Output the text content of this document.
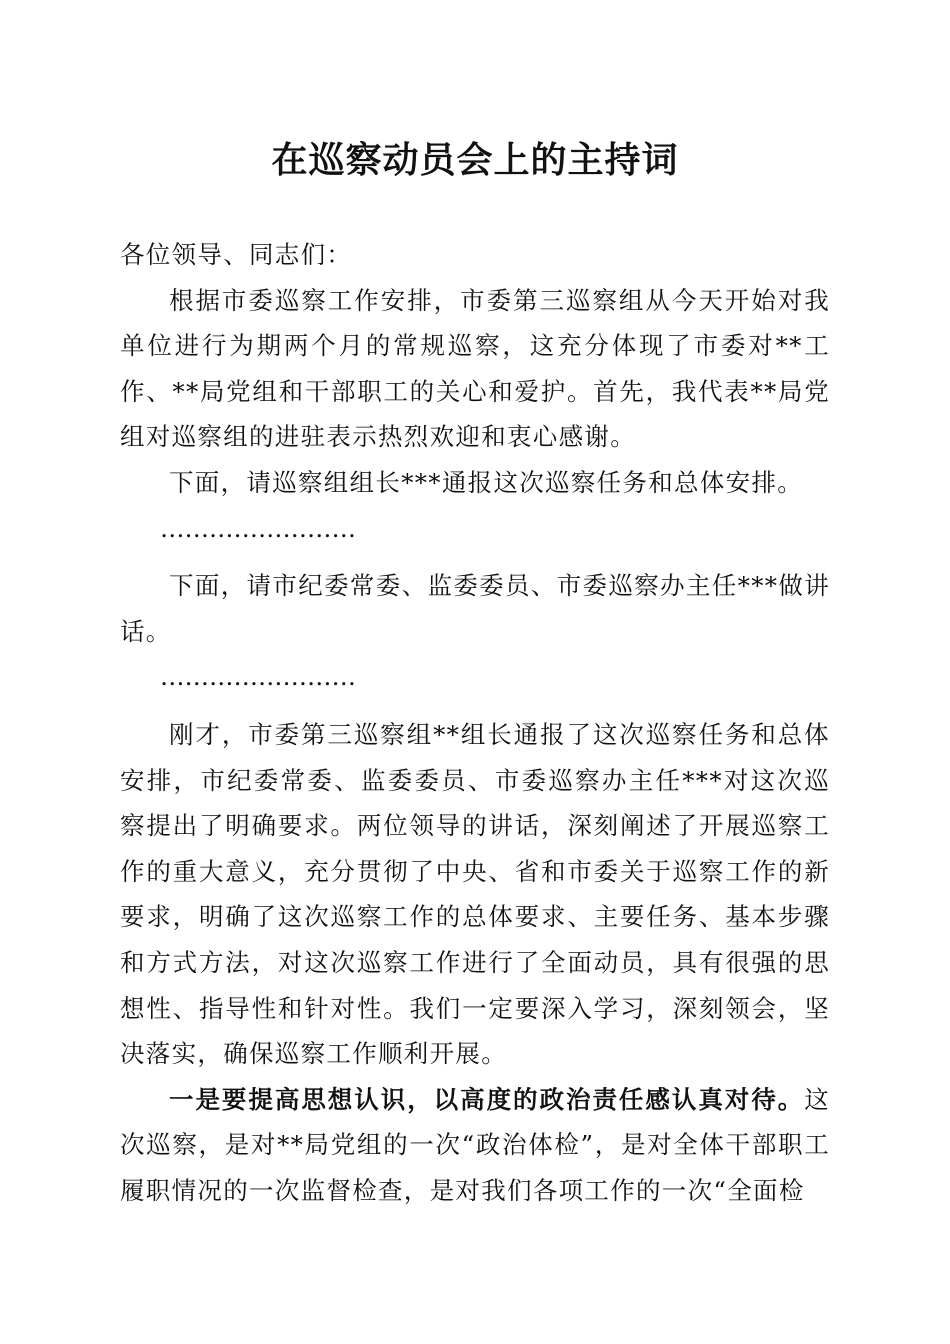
在巡察动员会上的主持词

各位领导、同志们：

根据市委巡察工作安排，市委第三巡察组从今天开始对我单位进行为期两个月的常规巡察，这充分体现了市委对**工作、**局党组和干部职工的关心和爱护。首先，我代表**局党组对巡察组的进驻表示热烈欢迎和衷心感谢。

下面，请巡察组组长***通报这次巡察任务和总体安排。

……………………

下面，请市纪委常委、监委委员、市委巡察办主任***做讲话。

……………………

刚才，市委第三巡察组**组长通报了这次巡察任务和总体安排，市纪委常委、监委委员、市委巡察办主任***对这次巡察提出了明确要求。两位领导的讲话，深刻阐述了开展巡察工作的重大意义，充分贯彻了中央、省和市委关于巡察工作的新要求，明确了这次巡察工作的总体要求、主要任务、基本步骤和方式方法，对这次巡察工作进行了全面动员，具有很强的思想性、指导性和针对性。我们一定要深入学习，深刻领会，坚决落实，确保巡察工作顺利开展。

一是要提高思想认识，以高度的政治责任感认真对待。这次巡察，是对**局党组的一次“政治体检”，是对全体干部职工履职情况的一次监督检查，是对我们各项工作的一次“全面检
